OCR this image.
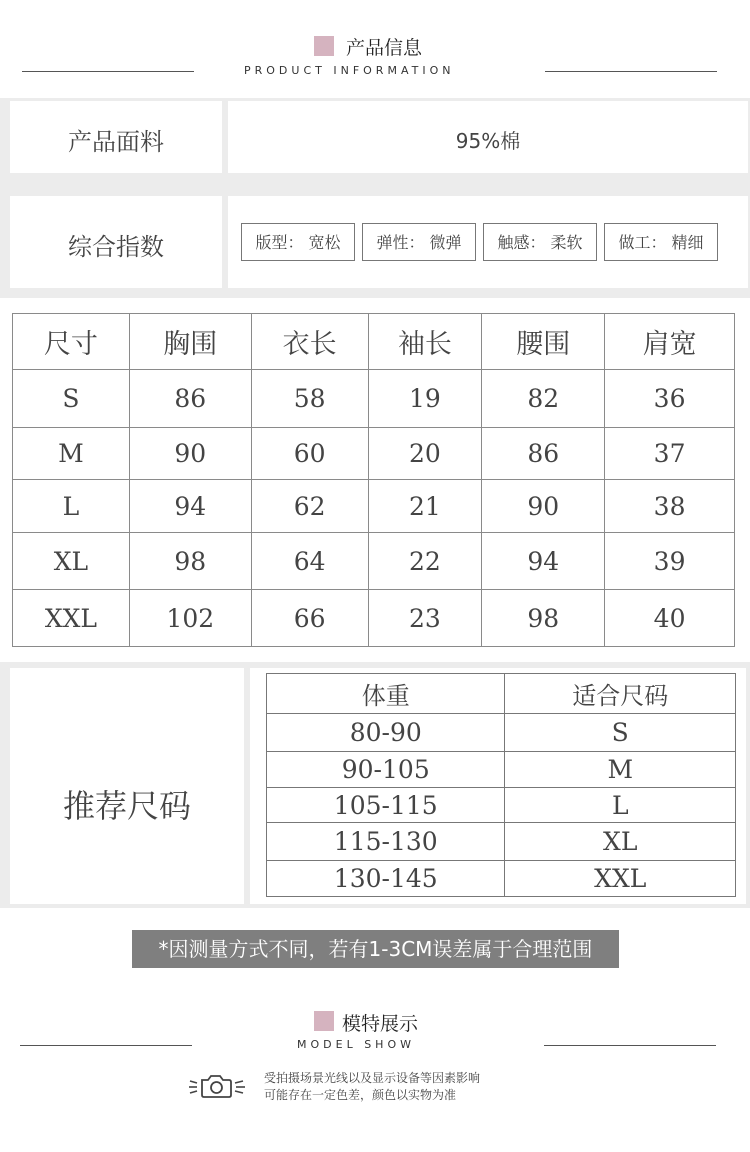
产品信息
PRODUCT INFORMATION
产品面料	95%棉
综合指数	版型： 宽松	弹性： 微弹	触感： 柔软	做工： 精细
尺寸	胸围	衣长	袖长	腰围	肩宽
S	86	58	19	82	36
M	90	60	20	86	37
L	94	62	21	90	38
XL	98	64	22	94	39
XXL	102	66	23	98	40
推荐尺码
体重	适合尺码
80-90	S
90-105	M
105-115	L
115-130	XL
130-145	XXL
*因测量方式不同，若有1-3CM误差属于合理范围
模特展示
MODEL SHOW
受拍摄场景光线以及显示设备等因素影响
可能存在一定色差，颜色以实物为准
